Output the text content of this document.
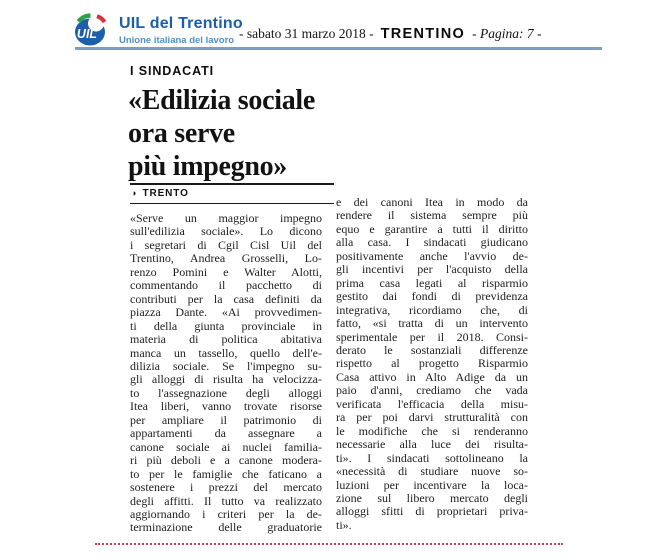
UIL
UIL del Trentino
Unione italiana del lavoro - sabato 31 marzo 2018 - TRENTINO - Pagina: 7 -
I SINDACATI
«Edilizia sociale
ora serve
più impegno»
◗ TRENTO
«Serve un maggior impegno
sull'edilizia sociale». Lo dicono
i segretari di Cgil Cisl Uil del
Trentino, Andrea Grosselli, Lo-
renzo Pomini e Walter Alotti,
commentando il pacchetto di
contributi per la casa definiti da
piazza Dante. «Ai provvedimen-
ti della giunta provinciale in
materia di politica abitativa
manca un tassello, quello dell'e-
dilizia sociale. Se l'impegno su-
gli alloggi di risulta ha velocizza-
to l'assegnazione degli alloggi
Itea liberi, vanno trovate risorse
per ampliare il patrimonio di
appartamenti da assegnare a
canone sociale ai nuclei familia-
ri più deboli e a canone modera-
to per le famiglie che faticano a
sostenere i prezzi del mercato
degli affitti. Il tutto va realizzato
aggiornando i criteri per la de-
terminazione delle graduatorie
e dei canoni Itea in modo da
rendere il sistema sempre più
equo e garantire a tutti il diritto
alla casa. I sindacati giudicano
positivamente anche l'avvio de-
gli incentivi per l'acquisto della
prima casa legati al risparmio
gestito dai fondi di previdenza
integrativa, ricordiamo che, di
fatto, «si tratta di un intervento
sperimentale per il 2018. Consi-
derato le sostanziali differenze
rispetto al progetto Risparmio
Casa attivo in Alto Adige da un
paio d'anni, crediamo che vada
verificata l'efficacia della misu-
ra per poi darvi strutturalità con
le modifiche che si renderanno
necessarie alla luce dei risulta-
ti». I sindacati sottolineano la
«necessità di studiare nuove so-
luzioni per incentivare la loca-
zione sul libero mercato degli
alloggi sfitti di proprietari priva-
ti».
